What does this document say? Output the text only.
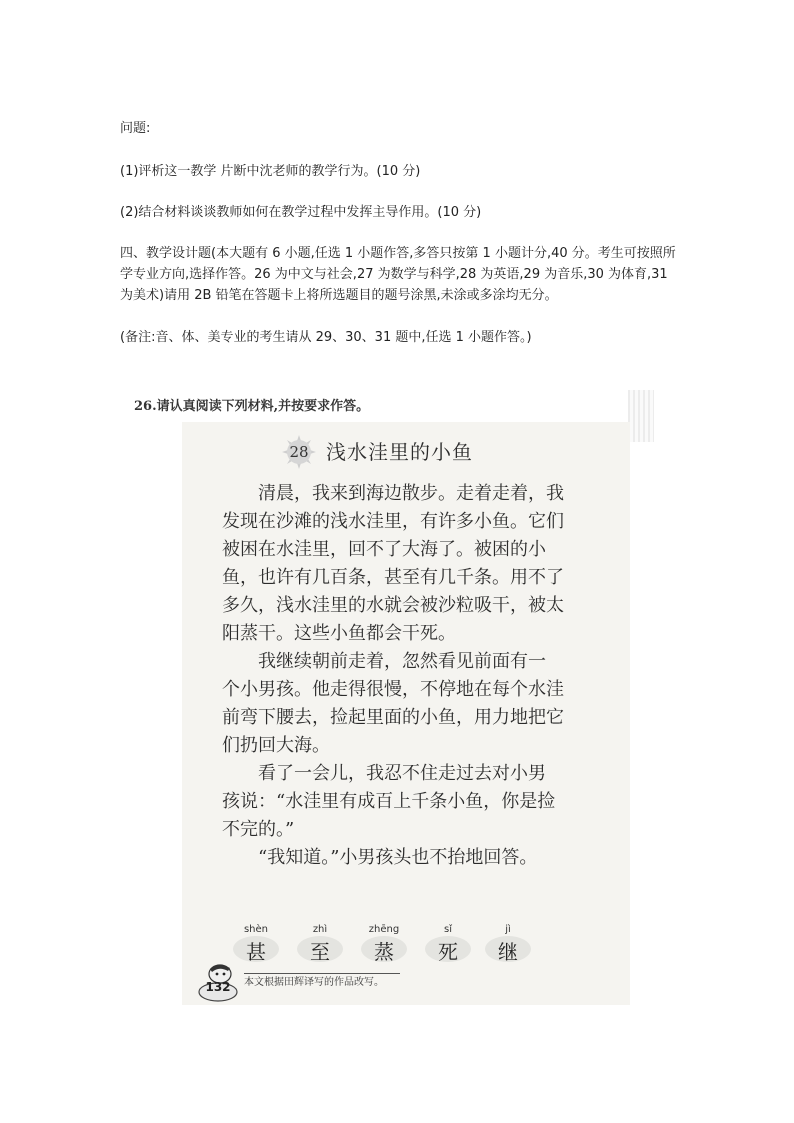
问题:
(1)评析这一教学 片断中沈老师的教学行为。(10 分)
(2)结合材料谈谈教师如何在教学过程中发挥主导作用。(10 分)
四、教学设计题(本大题有 6 小题,任选 1 小题作答,多答只按第 1 小题计分,40 分。考生可按照所学专业方向,选择作答。26 为中文与社会,27 为数学与科学,28 为英语,29 为音乐,30 为体育,31 为美术)请用 2B 铅笔在答题卡上将所选题目的题号涂黑,未涂或多涂均无分。
(备注:音、体、美专业的考生请从 29、30、31 题中,任选 1 小题作答。)
26.请认真阅读下列材料,并按要求作答。
28 浅水洼里的小鱼
　　清晨，我来到海边散步。走着走着，我
发现在沙滩的浅水洼里，有许多小鱼。它们
被困在水洼里，回不了大海了。被困的小
鱼，也许有几百条，甚至有几千条。用不了
多久，浅水洼里的水就会被沙粒吸干，被太
阳蒸干。这些小鱼都会干死。
　　我继续朝前走着，忽然看见前面有一
个小男孩。他走得很慢，不停地在每个水洼
前弯下腰去，捡起里面的小鱼，用力地把它
们扔回大海。
　　看了一会儿，我忍不住走过去对小男
孩说：“水洼里有成百上千条小鱼，你是捡
不完的。”
　　“我知道。”小男孩头也不抬地回答。
shèn
甚
zhì
至
zhēng
蒸
sǐ
死
jì
继
132	本文根据田辉译写的作品改写。
